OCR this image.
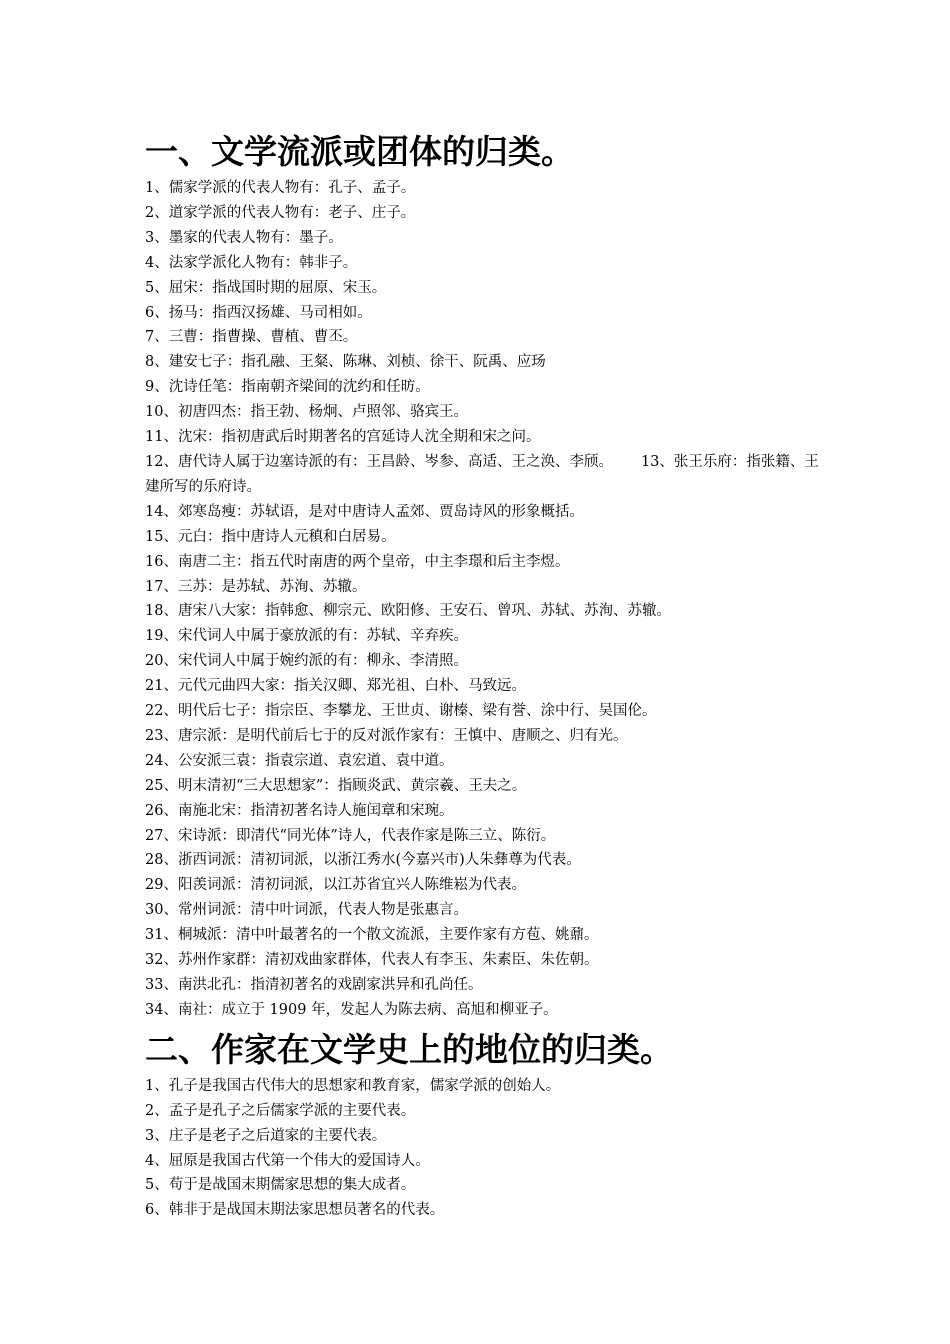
一、文学流派或团体的归类。
1、儒家学派的代表人物有：孔子、孟子。
2、道家学派的代表人物有：老子、庄子。
3、墨家的代表人物有：墨子。
4、法家学派化人物有：韩非子。
5、屈宋：指战国时期的屈原、宋玉。
6、扬马：指西汉扬雄、马司相如。
7、三曹：指曹操、曹植、曹丕。
8、建安七子：指孔融、王粲、陈琳、刘桢、徐干、阮禹、应玚
9、沈诗任笔：指南朝齐梁间的沈约和任昉。
10、初唐四杰：指王勃、杨炯、卢照邻、骆宾王。
11、沈宋：指初唐武后时期著名的宫延诗人沈全期和宋之问。
12、唐代诗人属于边塞诗派的有：王昌龄、岑参、高适、王之涣、李颀。 13、张王乐府：指张籍、王建所写的乐府诗。
14、郊寒岛瘦：苏轼语，是对中唐诗人孟郊、贾岛诗风的形象概括。
15、元白：指中唐诗人元稹和白居易。
16、南唐二主：指五代时南唐的两个皇帝，中主李璟和后主李煜。
17、三苏：是苏轼、苏洵、苏辙。
18、唐宋八大家：指韩愈、柳宗元、欧阳修、王安石、曾巩、苏轼、苏洵、苏辙。
19、宋代词人中属于豪放派的有：苏轼、辛弃疾。
20、宋代词人中属于婉约派的有：柳永、李清照。
21、元代元曲四大家：指关汉卿、郑光祖、白朴、马致远。
22、明代后七子：指宗臣、李攀龙、王世贞、谢榛、梁有誉、涂中行、吴国伦。
23、唐宗派：是明代前后七于的反对派作家有：王慎中、唐顺之、归有光。
24、公安派三袁：指袁宗道、袁宏道、袁中道。
25、明末清初“三大思想家”：指顾炎武、黄宗羲、王夫之。
26、南施北宋：指清初著名诗人施闰章和宋琬。
27、宋诗派：即清代“同光体”诗人，代表作家是陈三立、陈衍。
28、浙西词派：清初词派，以浙江秀水(今嘉兴市)人朱彝尊为代表。
29、阳羡词派：清初词派，以江苏省宜兴人陈维崧为代表。
30、常州词派：清中叶词派，代表人物是张惠言。
31、桐城派：清中叶最著名的一个散文流派，主要作家有方苞、姚鼐。
32、苏州作家群：清初戏曲家群体，代表人有李玉、朱素臣、朱佐朝。
33、南洪北孔：指清初著名的戏剧家洪异和孔尚任。
34、南社：成立于 1909 年，发起人为陈去病、高旭和柳亚子。
二、作家在文学史上的地位的归类。
1、孔子是我国古代伟大的思想家和教育家，儒家学派的创始人。
2、孟子是孔子之后儒家学派的主要代表。
3、庄子是老子之后道家的主要代表。
4、屈原是我国古代第一个伟大的爱国诗人。
5、苟于是战国末期儒家思想的集大成者。
6、韩非于是战国末期法家思想员著名的代表。
